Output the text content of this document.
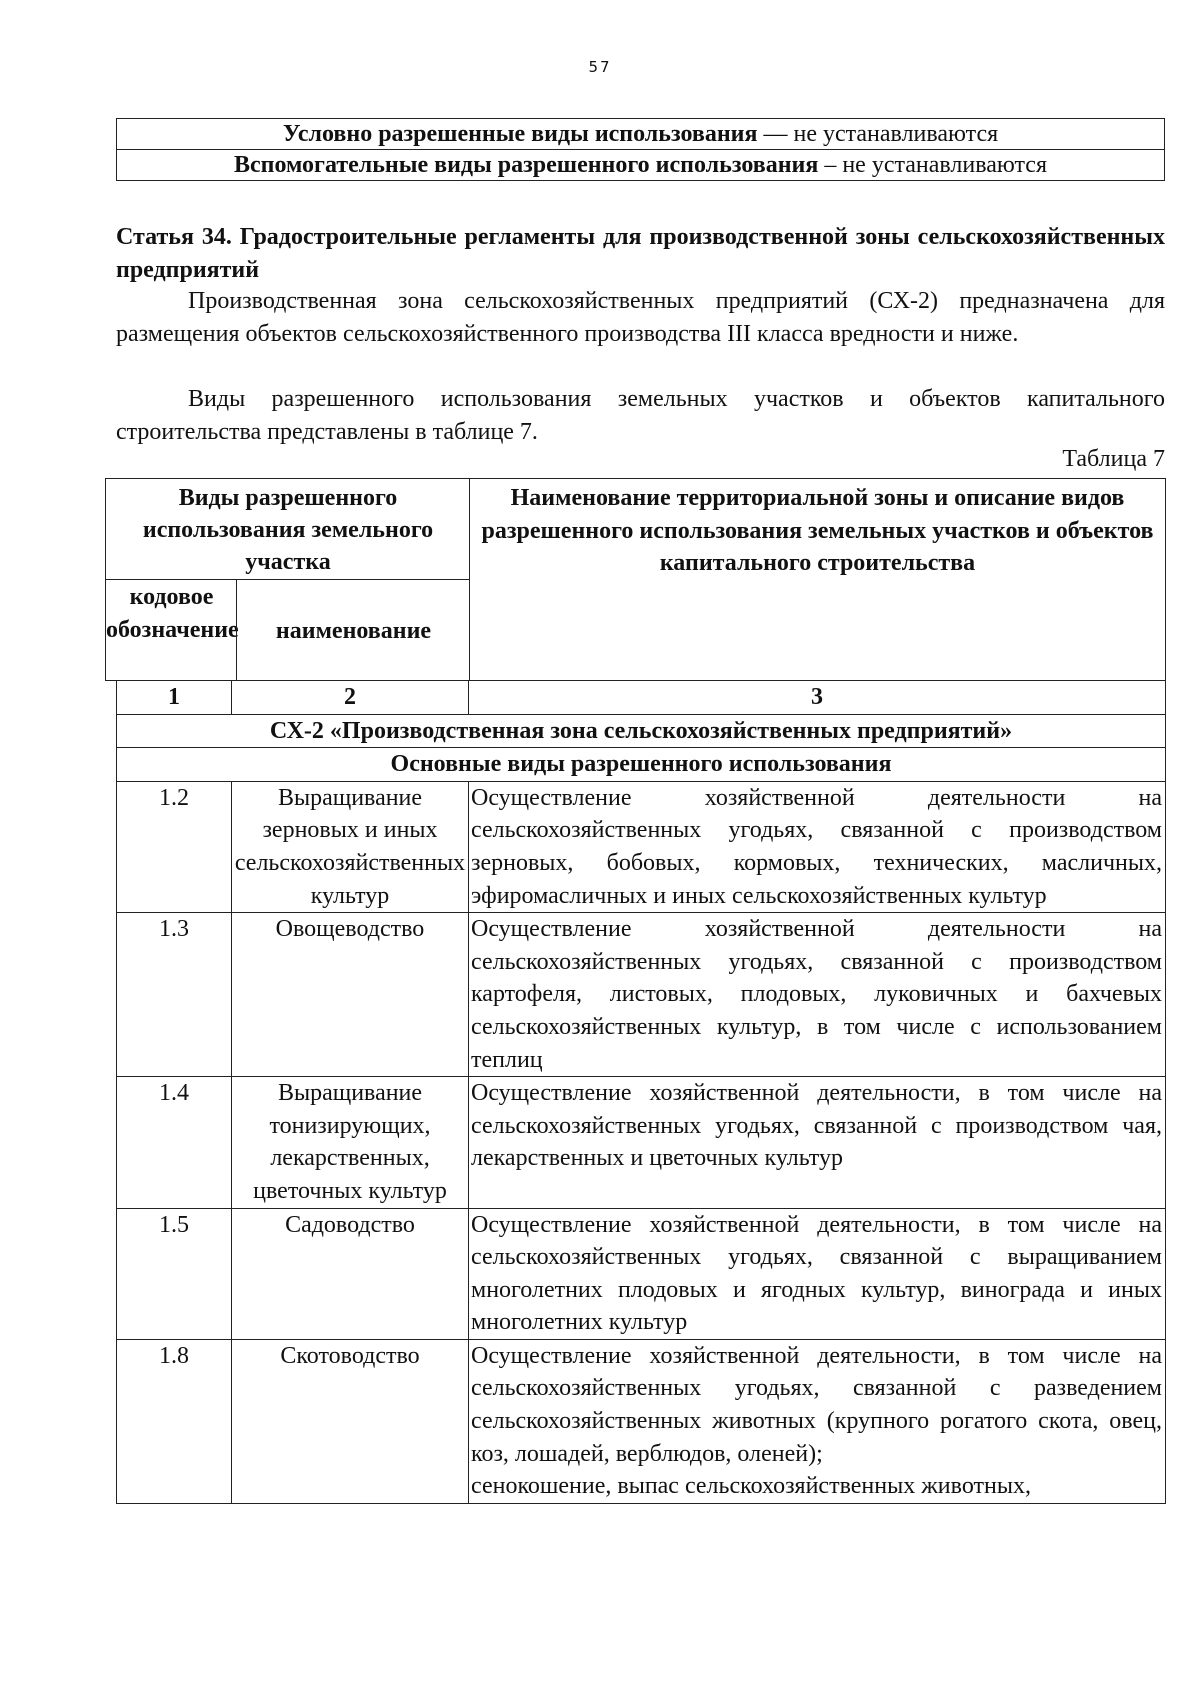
57
Условно разрешенные виды использования — не устанавливаются
Вспомогательные виды разрешенного использования – не устанавливаются
Статья 34. Градостроительные регламенты для производственной зоны сельскохозяйственных предприятий
Производственная зона сельскохозяйственных предприятий (СХ-2) предназначена для размещения объектов сельскохозяйственного производства III класса вредности и ниже.
Виды разрешенного использования земельных участков и объектов капитального строительства представлены в таблице 7.
Таблица 7
Виды разрешенного использования земельного участка
Наименование территориальной зоны и описание видов разрешенного использования земельных участков и объектов капитального строительства
кодовое обозначение	наименование
1	2	3
СХ-2 «Производственная зона сельскохозяйственных предприятий»		
Основные виды разрешенного использования		
1.2	Выращивание зерновых и иных сельскохозяйственных культур	Осуществление хозяйственной деятельности на сельскохозяйственных угодьях, связанной с производством зерновых, бобовых, кормовых, технических, масличных, эфиромасличных и иных сельскохозяйственных культур
1.3	Овощеводство	Осуществление хозяйственной деятельности на сельскохозяйственных угодьях, связанной с производством картофеля, листовых, плодовых, луковичных и бахчевых сельскохозяйственных культур, в том числе с использованием теплиц
1.4	Выращивание тонизирующих, лекарственных, цветочных культур	Осуществление хозяйственной деятельности, в том числе на сельскохозяйственных угодьях, связанной с производством чая, лекарственных и цветочных культур
1.5	Садоводство	Осуществление хозяйственной деятельности, в том числе на сельскохозяйственных угодьях, связанной с выращиванием многолетних плодовых и ягодных культур, винограда и иных многолетних культур
1.8	Скотоводство	Осуществление хозяйственной деятельности, в том числе на сельскохозяйственных угодьях, связанной с разведением сельскохозяйственных животных (крупного рогатого скота, овец, коз, лошадей, верблюдов, оленей);
сенокошение, выпас сельскохозяйственных животных,
